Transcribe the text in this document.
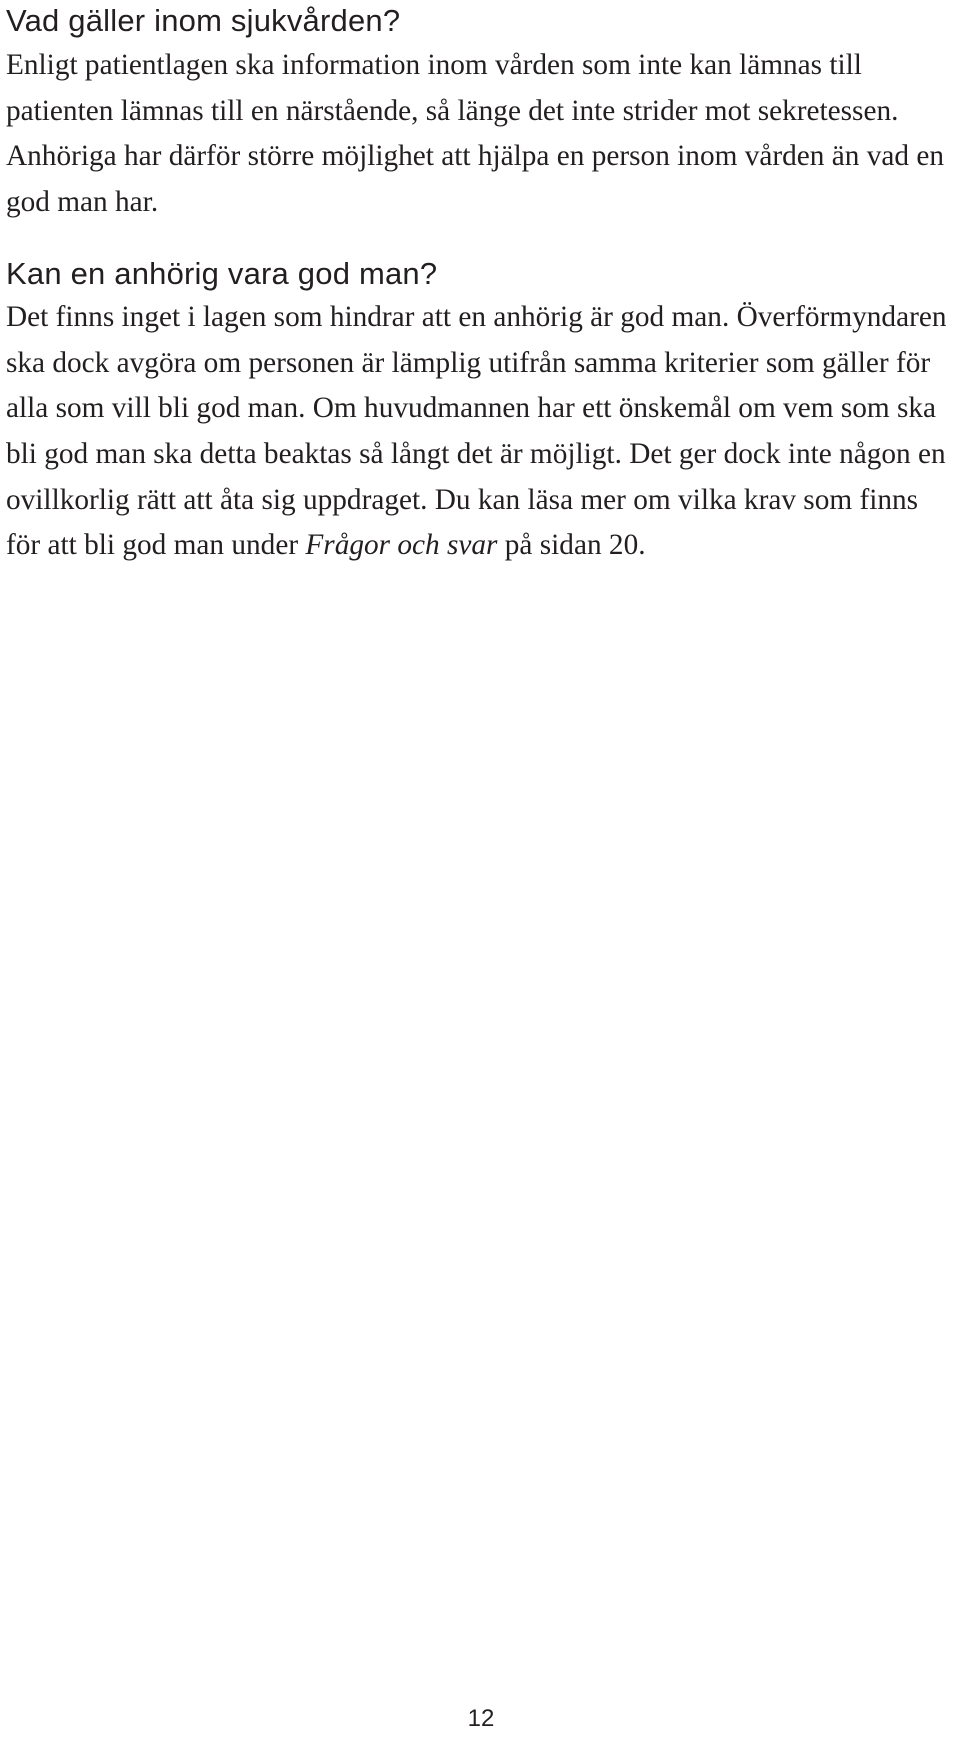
Vad gäller inom sjukvården?

Enligt patientlagen ska information inom vården som inte kan lämnas till patienten lämnas till en närstående, så länge det inte strider mot sekretessen. Anhöriga har därför större möjlighet att hjälpa en person inom vården än vad en god man har.

Kan en anhörig vara god man?

Det finns inget i lagen som hindrar att en anhörig är god man. Överförmyndaren ska dock avgöra om personen är lämplig utifrån samma kriterier som gäller för alla som vill bli god man. Om huvudmannen har ett önskemål om vem som ska bli god man ska detta beaktas så långt det är möjligt. Det ger dock inte någon en ovillkorlig rätt att åta sig uppdraget. Du kan läsa mer om vilka krav som finns för att bli god man under Frågor och svar på sidan 20.

12
